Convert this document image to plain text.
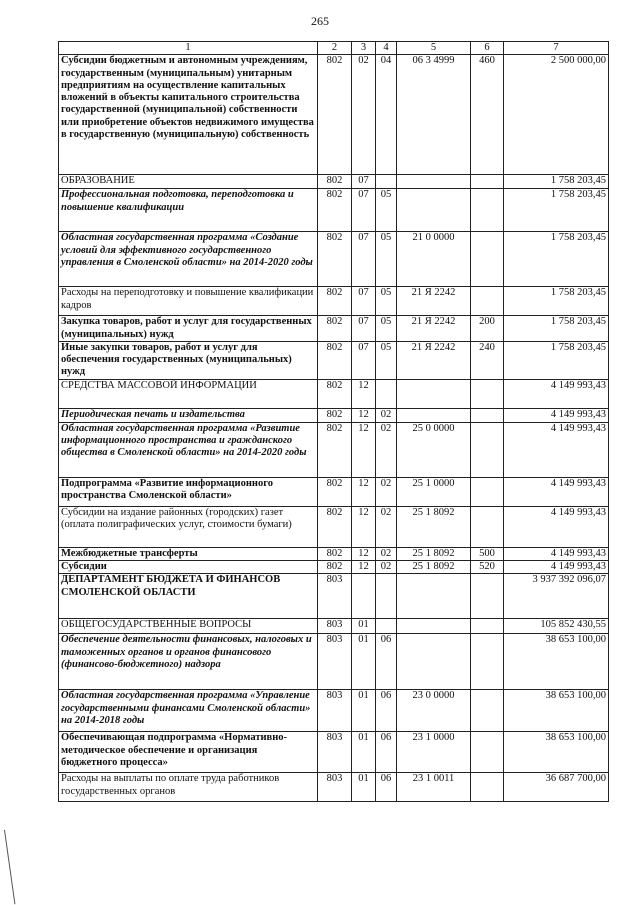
265
1	2	3	4	5	6	7
Субсидии бюджетным и автономным учреждениям, государственным (муниципальным) унитарным предприятиям на осуществление капитальных вложений в объекты капитального строительства государственной (муниципальной) собственности или приобретение объектов недвижимого имущества в государственную (муниципальную) собственность	802	02	04	06 3 4999	460	2 500 000,00
ОБРАЗОВАНИЕ	802	07				1 758 203,45
Профессиональная подготовка, переподготовка и повышение квалификации	802	07	05			1 758 203,45
Областная государственная программа «Создание условий для эффективного государственного управления в Смоленской области» на 2014-2020 годы	802	07	05	21 0 0000		1 758 203,45
Расходы на переподготовку и повышение квалификации кадров	802	07	05	21 Я 2242		1 758 203,45
Закупка товаров, работ и услуг для государственных (муниципальных) нужд	802	07	05	21 Я 2242	200	1 758 203,45
Иные закупки товаров, работ и услуг для обеспечения государственных (муниципальных) нужд	802	07	05	21 Я 2242	240	1 758 203,45
СРЕДСТВА МАССОВОЙ ИНФОРМАЦИИ	802	12				4 149 993,43
Периодическая печать и издательства	802	12	02			4 149 993,43
Областная государственная программа «Развитие информационного пространства и гражданского общества в Смоленской области» на 2014-2020 годы	802	12	02	25 0 0000		4 149 993,43
Подпрограмма «Развитие информационного пространства Смоленской области»	802	12	02	25 1 0000		4 149 993,43
Субсидии на издание районных (городских) газет (оплата полиграфических услуг, стоимости бумаги)	802	12	02	25 1 8092		4 149 993,43
Межбюджетные трансферты	802	12	02	25 1 8092	500	4 149 993,43
Субсидии	802	12	02	25 1 8092	520	4 149 993,43
ДЕПАРТАМЕНТ БЮДЖЕТА И ФИНАНСОВ СМОЛЕНСКОЙ ОБЛАСТИ	803					3 937 392 096,07
ОБЩЕГОСУДАРСТВЕННЫЕ ВОПРОСЫ	803	01				105 852 430,55
Обеспечение деятельности финансовых, налоговых и таможенных органов и органов финансового (финансово-бюджетного) надзора	803	01	06			38 653 100,00
Областная государственная программа «Управление государственными финансами Смоленской области» на 2014-2018 годы	803	01	06	23 0 0000		38 653 100,00
Обеспечивающая подпрограмма «Нормативно-методическое обеспечение и организация бюджетного процесса»	803	01	06	23 1 0000		38 653 100,00
Расходы на выплаты по оплате труда работников государственных органов	803	01	06	23 1 0011		36 687 700,00
